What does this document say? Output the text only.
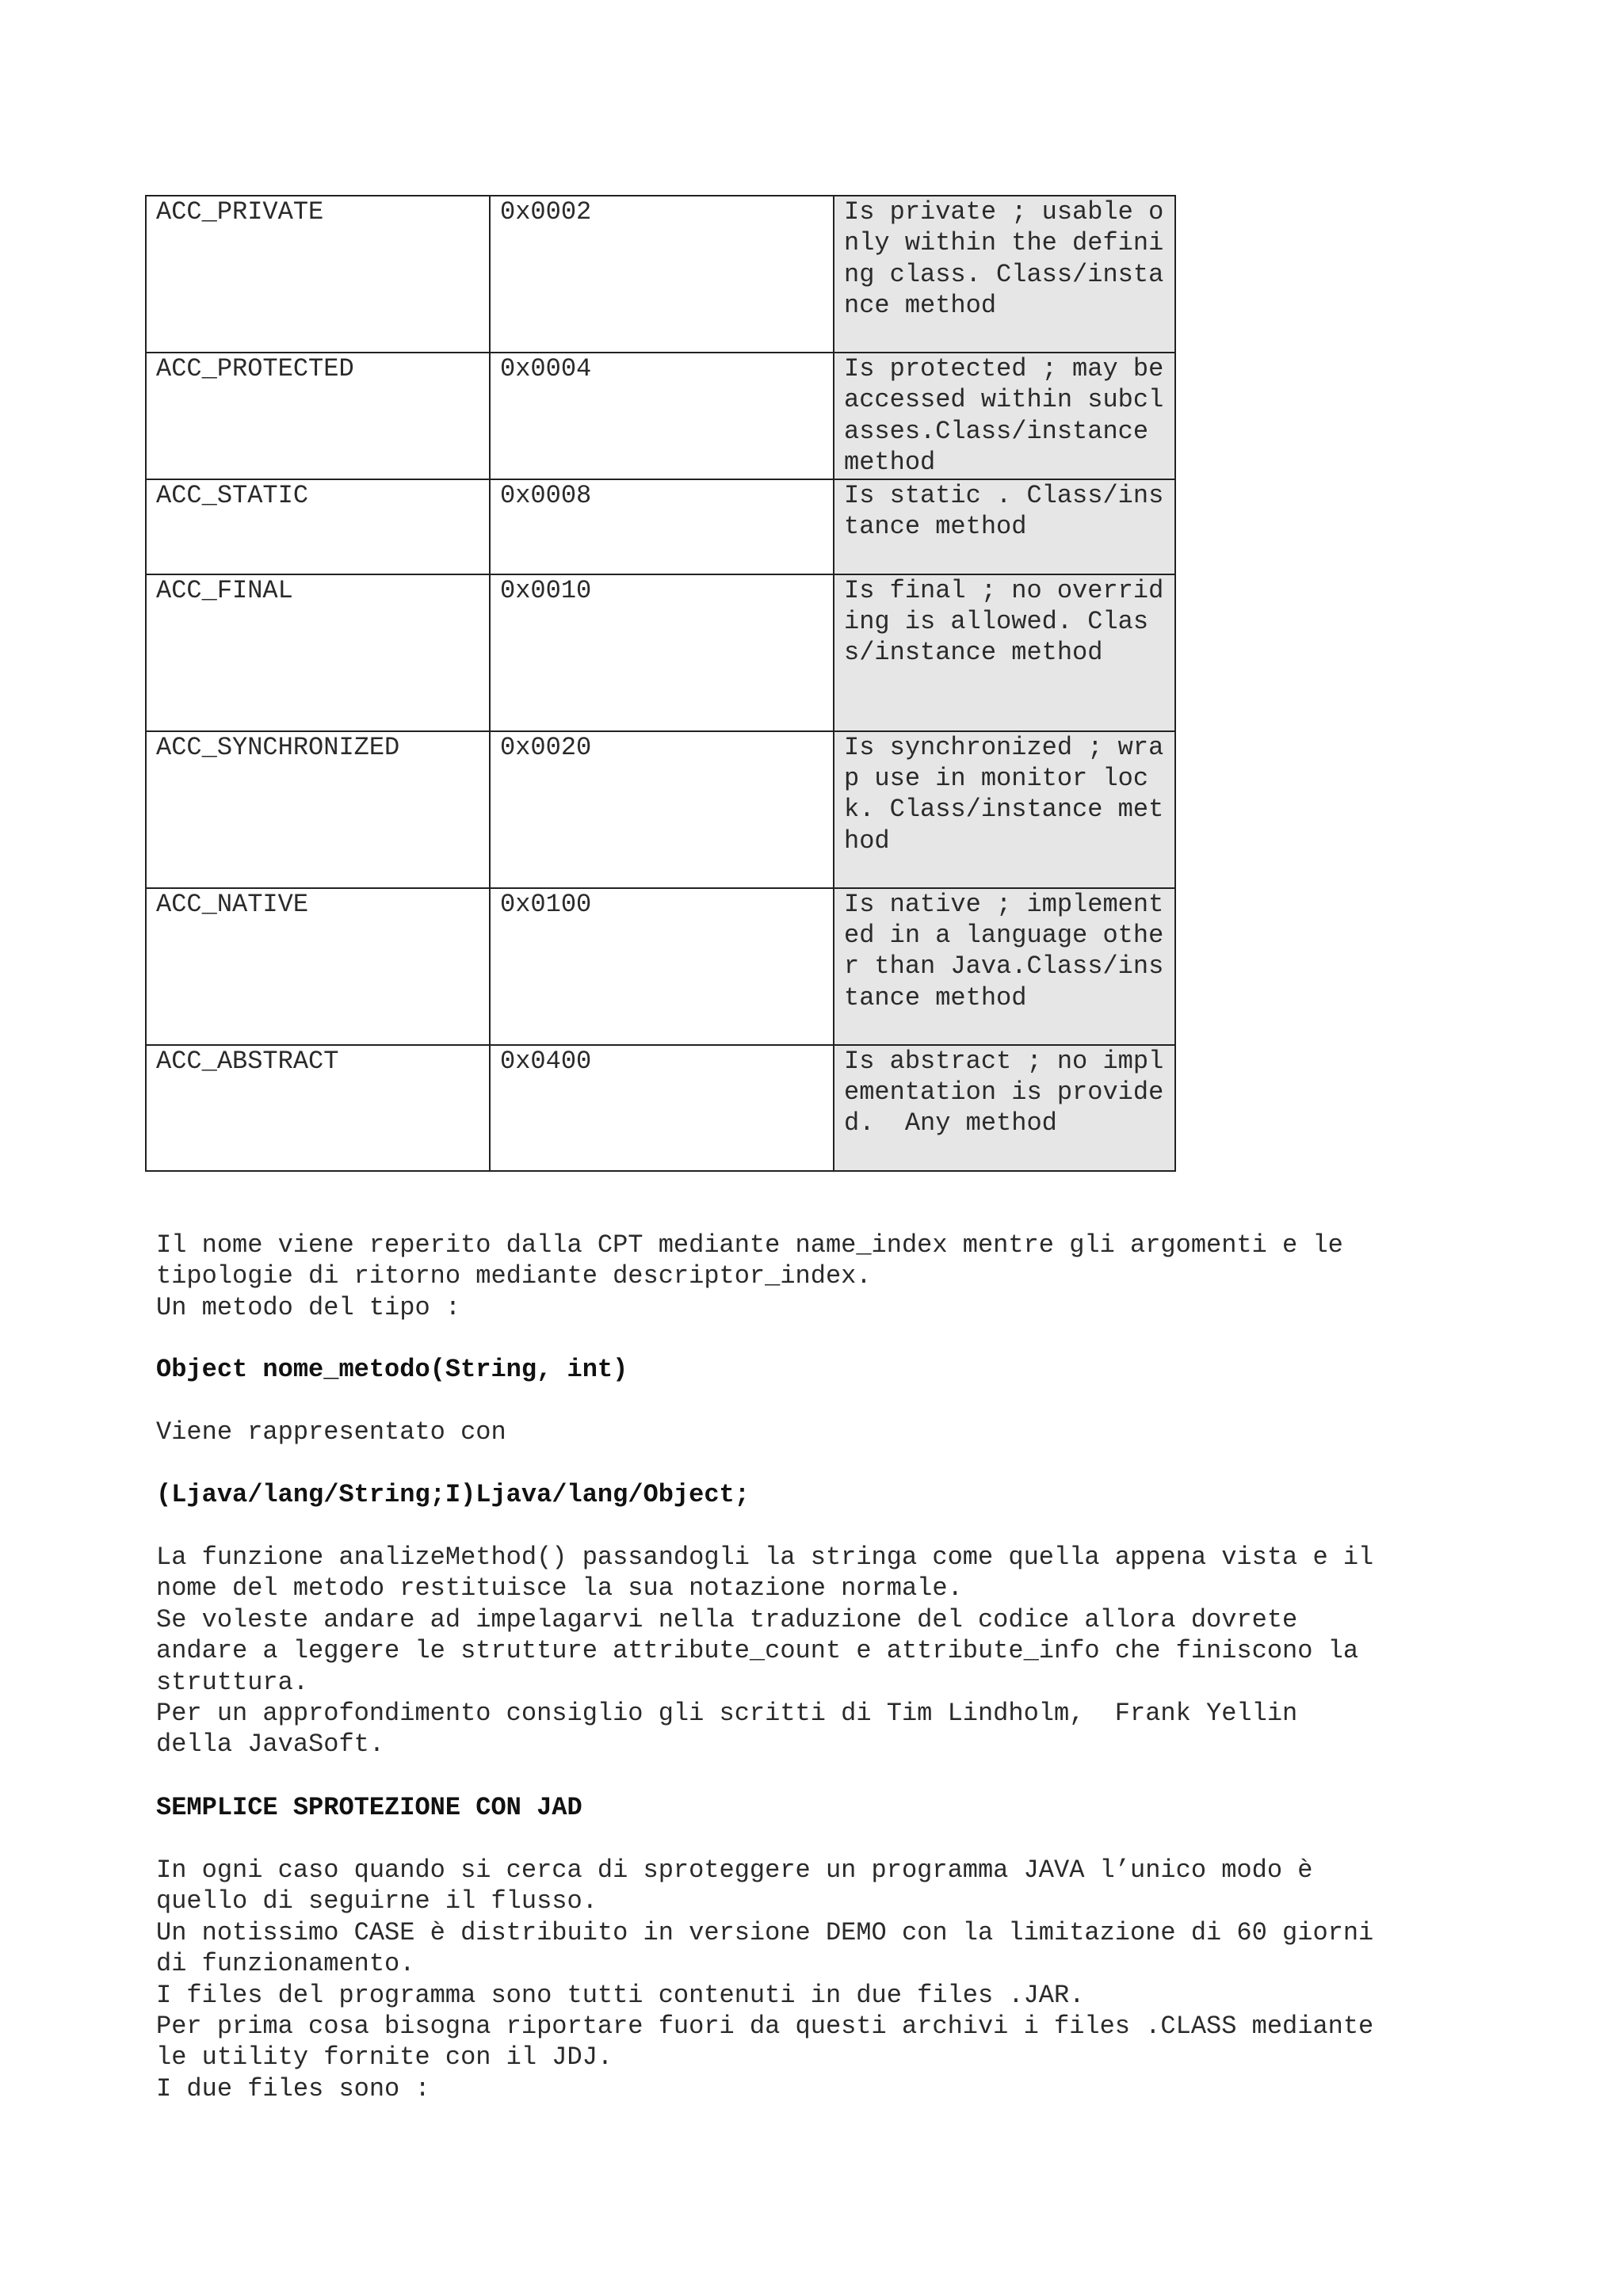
ACC_PRIVATE	0x0002	Is private ; usable only within the defining class. Class/instance method
ACC_PROTECTED	0x0004	Is protected ; may be accessed within subclasses.Class/instance method
ACC_STATIC	0x0008	Is static . Class/instance method
ACC_FINAL	0x0010	Is final ; no overriding is allowed. Class/instance method
ACC_SYNCHRONIZED	0x0020	Is synchronized ; wrap use in monitor lock. Class/instance method
ACC_NATIVE	0x0100	Is native ; implemented in a language other than Java.Class/instance method
ACC_ABSTRACT	0x0400	Is abstract ; no implementation is provided.  Any method

Il nome viene reperito dalla CPT mediante name_index mentre gli argomenti e le
tipologie di ritorno mediante descriptor_index.
Un metodo del tipo :

Object nome_metodo(String, int)

Viene rappresentato con

(Ljava/lang/String;I)Ljava/lang/Object;

La funzione analizeMethod() passandogli la stringa come quella appena vista e il
nome del metodo restituisce la sua notazione normale.
Se voleste andare ad impelagarvi nella traduzione del codice allora dovrete
andare a leggere le strutture attribute_count e attribute_info che finiscono la
struttura.
Per un approfondimento consiglio gli scritti di Tim Lindholm,  Frank Yellin
della JavaSoft.

SEMPLICE SPROTEZIONE CON JAD

In ogni caso quando si cerca di sproteggere un programma JAVA l’unico modo è
quello di seguirne il flusso.
Un notissimo CASE è distribuito in versione DEMO con la limitazione di 60 giorni
di funzionamento.
I files del programma sono tutti contenuti in due files .JAR.
Per prima cosa bisogna riportare fuori da questi archivi i files .CLASS mediante
le utility fornite con il JDJ.
I due files sono :
